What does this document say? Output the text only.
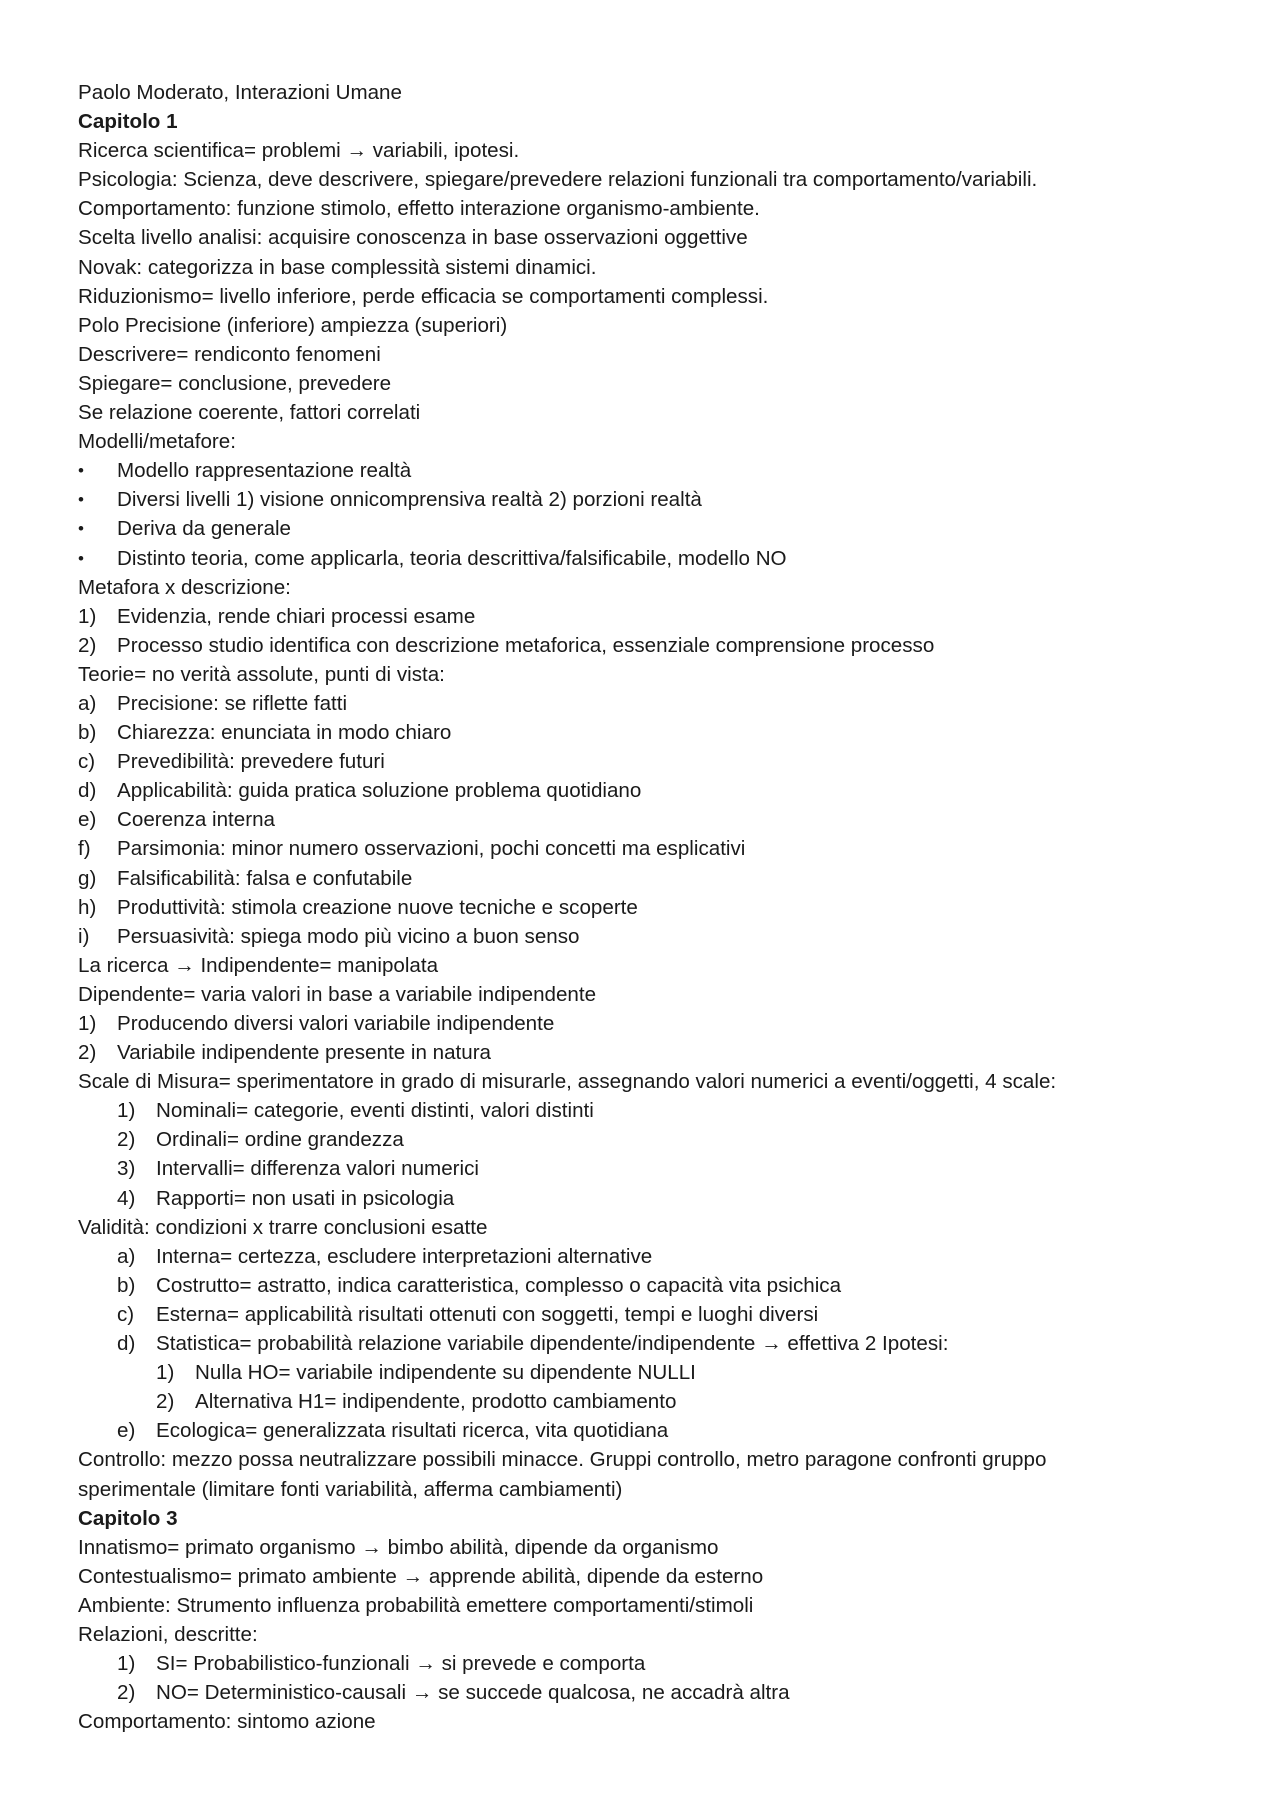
Paolo Moderato, Interazioni Umane
Capitolo 1
Ricerca scientifica= problemi → variabili, ipotesi.
Psicologia: Scienza, deve descrivere, spiegare/prevedere relazioni funzionali tra comportamento/variabili.
Comportamento: funzione stimolo, effetto interazione organismo-ambiente.
Scelta livello analisi: acquisire conoscenza in base osservazioni oggettive
Novak: categorizza in base complessità sistemi dinamici.
Riduzionismo= livello inferiore, perde efficacia se comportamenti complessi.
Polo Precisione (inferiore) ampiezza (superiori)
Descrivere= rendiconto fenomeni
Spiegare= conclusione, prevedere
Se relazione coerente, fattori correlati
Modelli/metafore:
• Modello rappresentazione realtà
• Diversi livelli 1) visione onnicomprensiva realtà 2) porzioni realtà
• Deriva da generale
• Distinto teoria, come applicarla, teoria descrittiva/falsificabile, modello NO
Metafora x descrizione:
1) Evidenzia, rende chiari processi esame
2) Processo studio identifica con descrizione metaforica, essenziale comprensione processo
Teorie= no verità assolute, punti di vista:
a) Precisione: se riflette fatti
b) Chiarezza: enunciata in modo chiaro
c) Prevedibilità: prevedere futuri
d) Applicabilità: guida pratica soluzione problema quotidiano
e) Coerenza interna
f) Parsimonia: minor numero osservazioni, pochi concetti ma esplicativi
g) Falsificabilità: falsa e confutabile
h) Produttività: stimola creazione nuove tecniche e scoperte
i) Persuasività: spiega modo più vicino a buon senso
La ricerca → Indipendente= manipolata
Dipendente= varia valori in base a variabile indipendente
1) Producendo diversi valori variabile indipendente
2) Variabile indipendente presente in natura
Scale di Misura= sperimentatore in grado di misurarle, assegnando valori numerici a eventi/oggetti, 4 scale:
1) Nominali= categorie, eventi distinti, valori distinti
2) Ordinali= ordine grandezza
3) Intervalli= differenza valori numerici
4) Rapporti= non usati in psicologia
Validità: condizioni x trarre conclusioni esatte
a) Interna= certezza, escludere interpretazioni alternative
b) Costrutto= astratto, indica caratteristica, complesso o capacità vita psichica
c) Esterna= applicabilità risultati ottenuti con soggetti, tempi e luoghi diversi
d) Statistica= probabilità relazione variabile dipendente/indipendente → effettiva 2 Ipotesi:
1) Nulla HO= variabile indipendente su dipendente NULLI
2) Alternativa H1= indipendente, prodotto cambiamento
e) Ecologica= generalizzata risultati ricerca, vita quotidiana
Controllo: mezzo possa neutralizzare possibili minacce. Gruppi controllo, metro paragone confronti gruppo
sperimentale (limitare fonti variabilità, afferma cambiamenti)
Capitolo 3
Innatismo= primato organismo → bimbo abilità, dipende da organismo
Contestualismo= primato ambiente → apprende abilità, dipende da esterno
Ambiente: Strumento influenza probabilità emettere comportamenti/stimoli
Relazioni, descritte:
1) SI= Probabilistico-funzionali → si prevede e comporta
2) NO= Deterministico-causali → se succede qualcosa, ne accadrà altra
Comportamento: sintomo azione
